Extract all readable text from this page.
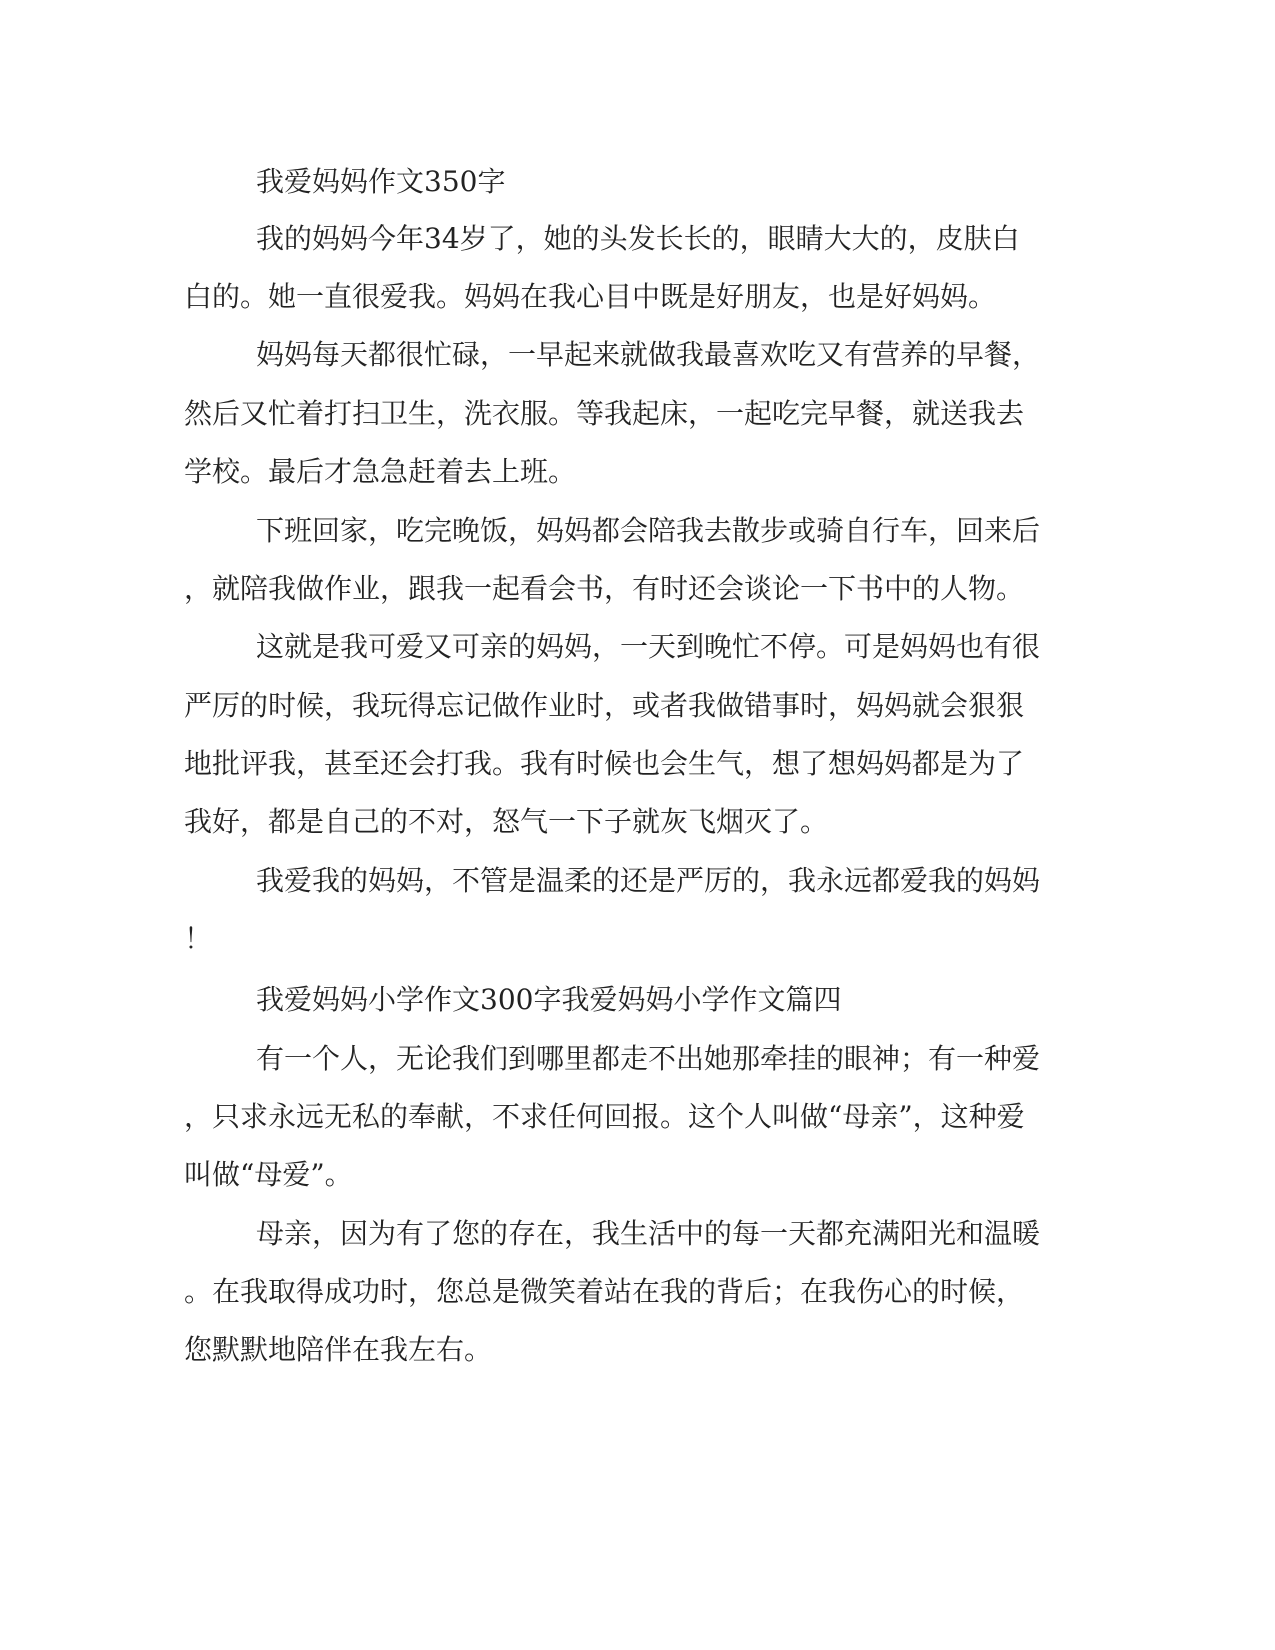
我爱妈妈作文350字
我的妈妈今年34岁了，她的头发长长的，眼睛大大的，皮肤白
白的。她一直很爱我。妈妈在我心目中既是好朋友，也是好妈妈。
妈妈每天都很忙碌，一早起来就做我最喜欢吃又有营养的早餐，
然后又忙着打扫卫生，洗衣服。等我起床，一起吃完早餐，就送我去
学校。最后才急急赶着去上班。
下班回家，吃完晚饭，妈妈都会陪我去散步或骑自行车，回来后
，就陪我做作业，跟我一起看会书，有时还会谈论一下书中的人物。
这就是我可爱又可亲的妈妈，一天到晚忙不停。可是妈妈也有很
严厉的时候，我玩得忘记做作业时，或者我做错事时，妈妈就会狠狠
地批评我，甚至还会打我。我有时候也会生气，想了想妈妈都是为了
我好，都是自己的不对，怒气一下子就灰飞烟灭了。
我爱我的妈妈，不管是温柔的还是严厉的，我永远都爱我的妈妈
！
我爱妈妈小学作文300字我爱妈妈小学作文篇四
有一个人，无论我们到哪里都走不出她那牵挂的眼神；有一种爱
，只求永远无私的奉献，不求任何回报。这个人叫做“母亲”，这种爱
叫做“母爱”。
母亲，因为有了您的存在，我生活中的每一天都充满阳光和温暖
。在我取得成功时，您总是微笑着站在我的背后；在我伤心的时候，
您默默地陪伴在我左右。
